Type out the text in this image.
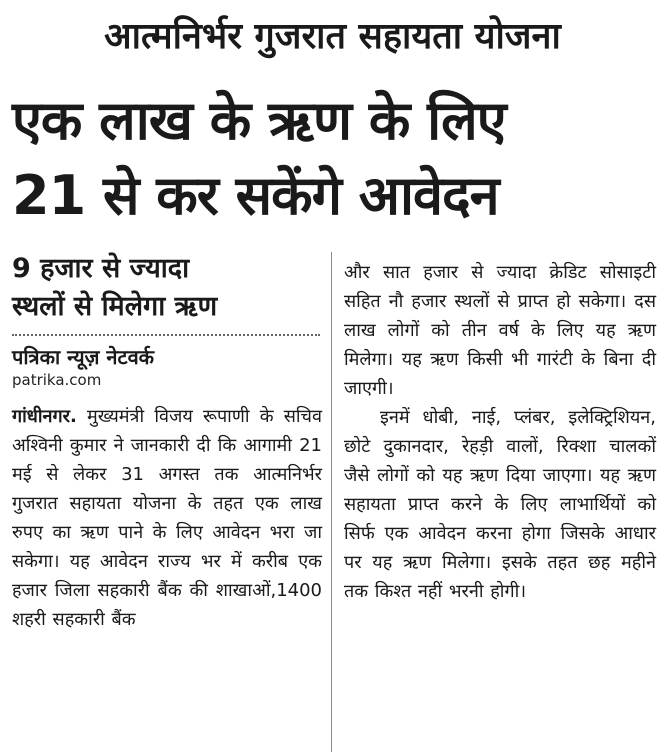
आत्मनिर्भर गुजरात सहायता योजना
एक लाख के ऋण के लिए
21 से कर सकेंगे आवेदन
9 हजार से ज्यादा
स्थलों से मिलेगा ऋण
पत्रिका न्यूज़ नेटवर्क
patrika.com

गांधीनगर. मुख्यमंत्री विजय रूपाणी के सचिव अश्विनी कुमार ने जानकारी दी कि आगामी 21 मई से लेकर 31 अगस्त तक आत्मनिर्भर गुजरात सहायता योजना के तहत एक लाख रुपए का ऋण पाने के लिए आवेदन भरा जा सकेगा। यह आवेदन राज्य भर में करीब एक हजार जिला सहकारी बैंक की शाखाओं,1400 शहरी सहकारी बैंक

और सात हजार से ज्यादा क्रेडिट सोसाइटी सहित नौ हजार स्थलों से प्राप्त हो सकेगा। दस लाख लोगों को तीन वर्ष के लिए यह ऋण मिलेगा। यह ऋण किसी भी गारंटी के बिना दी जाएगी।

इनमें धोबी, नाई, प्लंबर, इलेक्ट्रिशियन, छोटे दुकानदार, रेहड़ी वालों, रिक्शा चालकों जैसे लोगों को यह ऋण दिया जाएगा। यह ऋण सहायता प्राप्त करने के लिए लाभार्थियों को सिर्फ एक आवेदन करना होगा जिसके आधार पर यह ऋण मिलेगा। इसके तहत छह महीने तक किश्त नहीं भरनी होगी।
